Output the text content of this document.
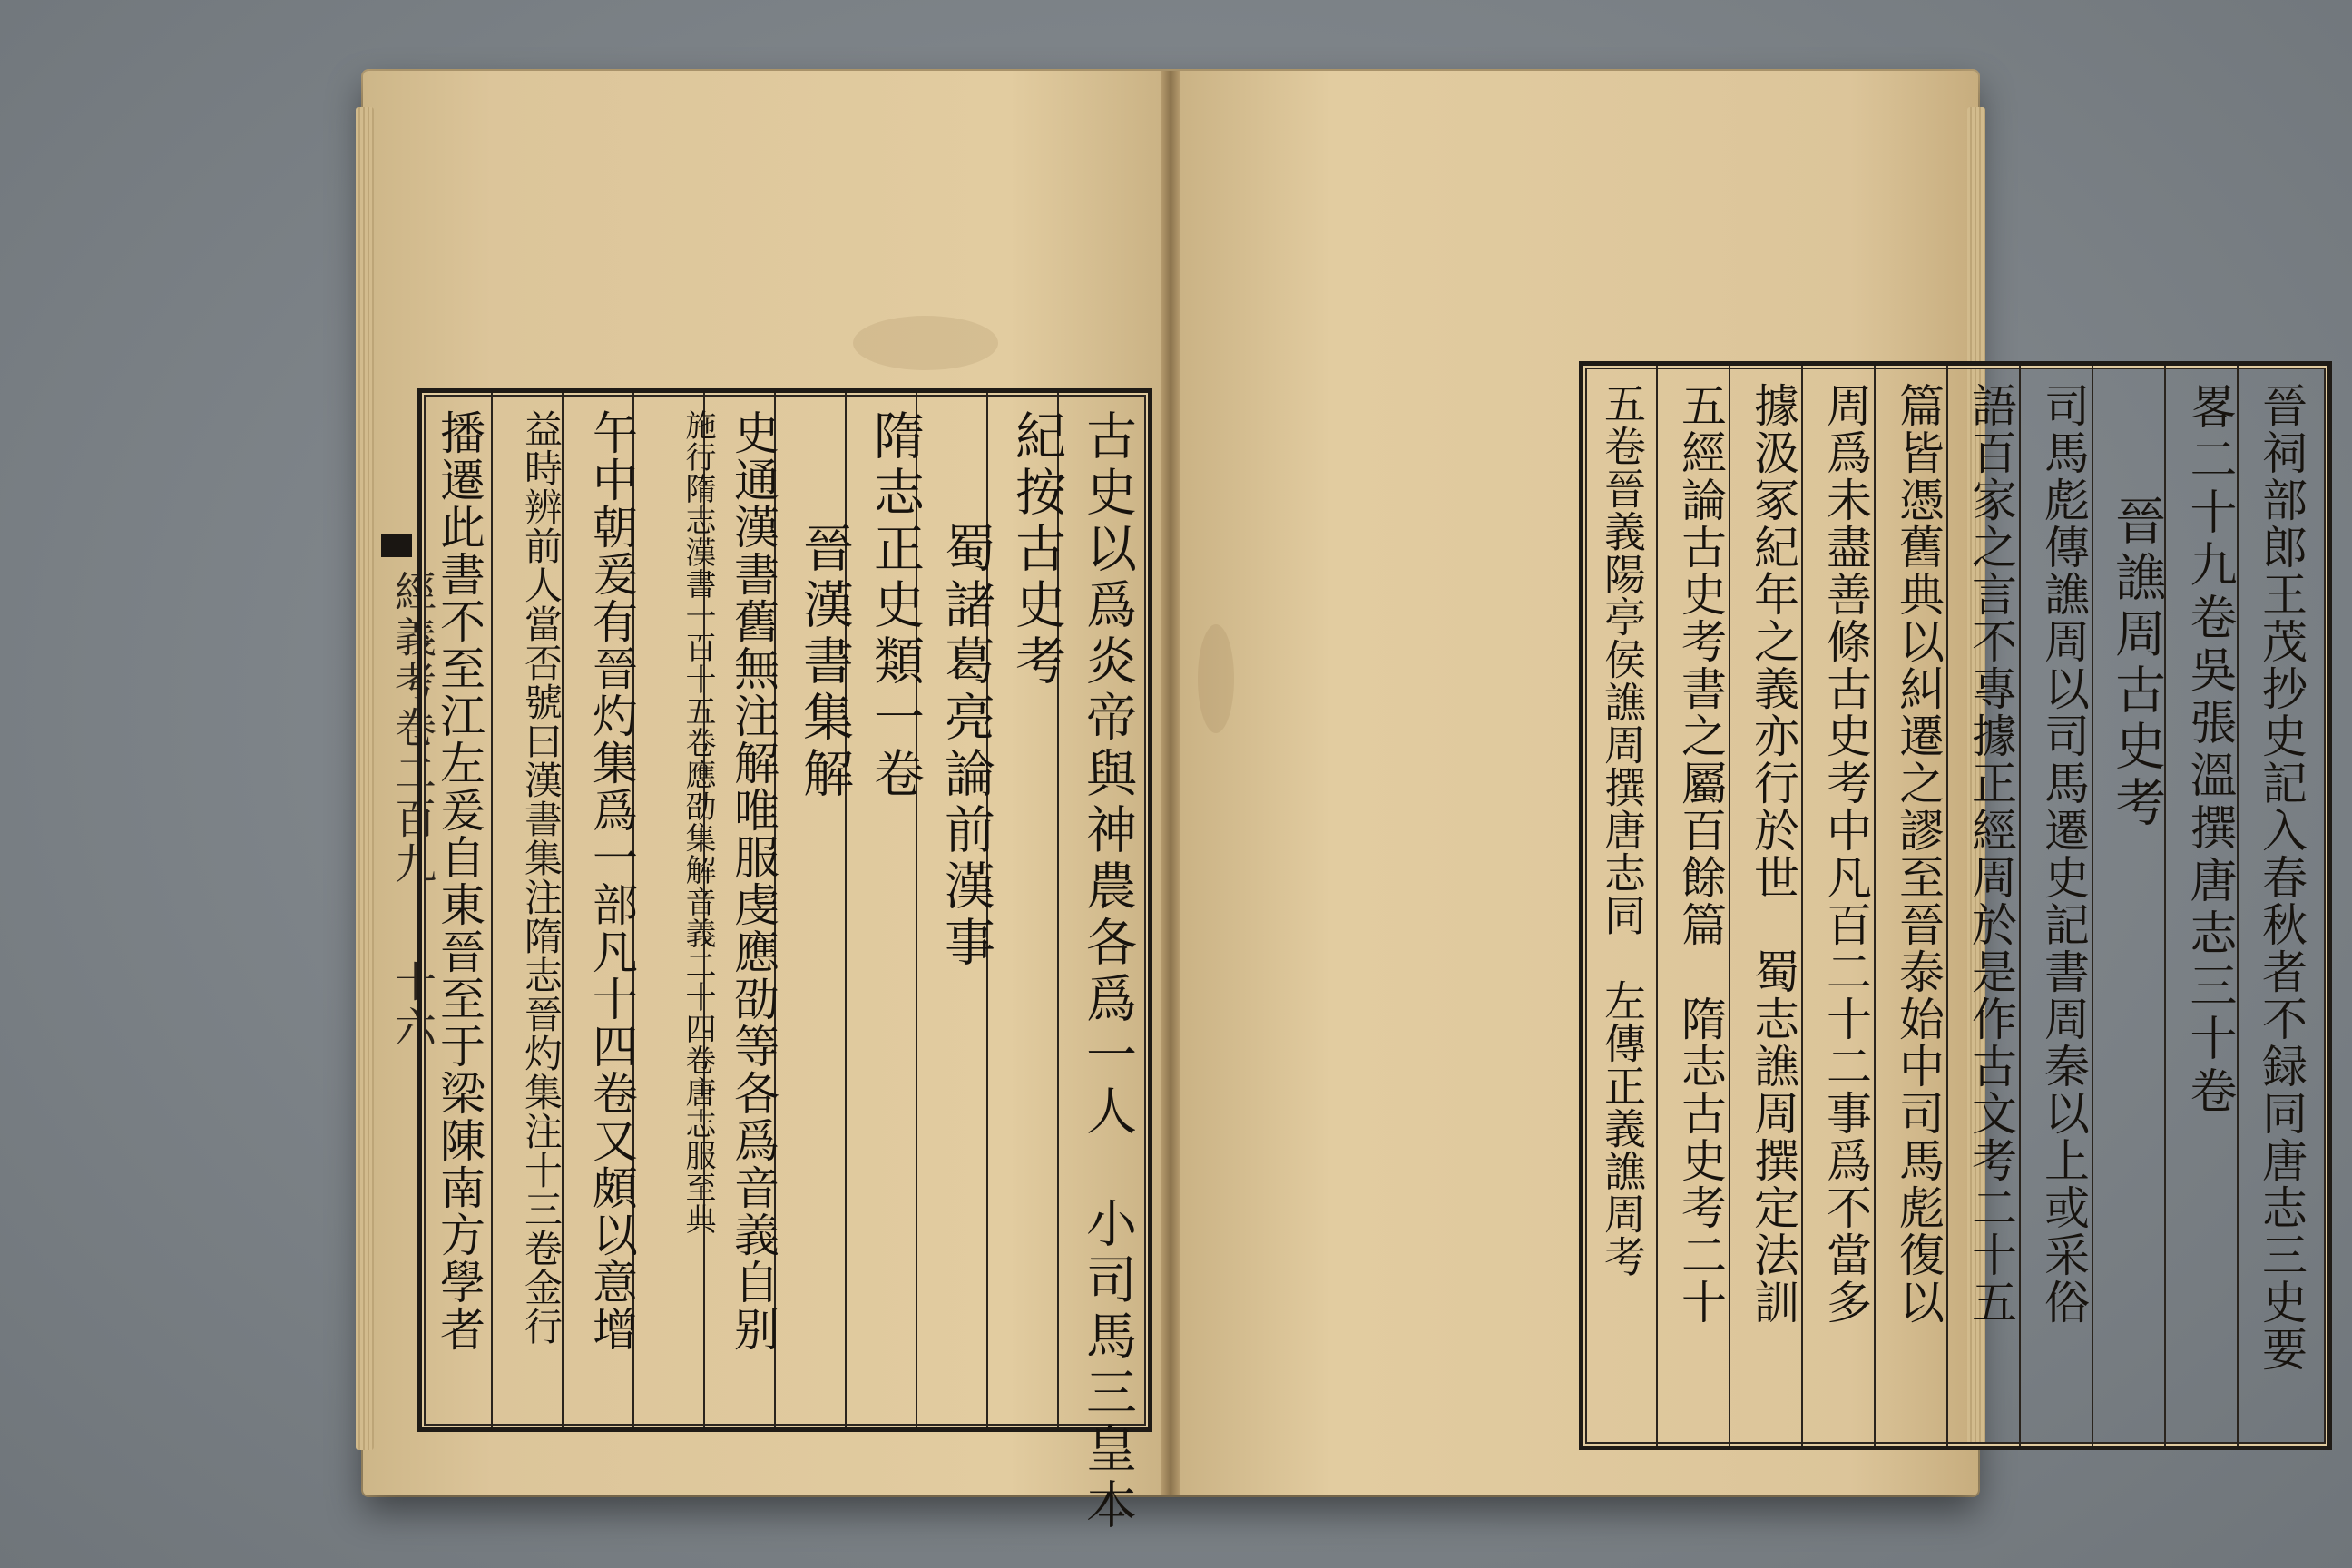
經義考卷二百九
十六	古史以爲炎帝與神農各爲一人　小司馬三皇本
紀按古史考
　　蜀諸葛亮論前漢事
隋志正史類一卷
　　晉漢書集解
史通漢書舊無注解唯服虔應劭等各爲音義自别
施行隋志漢書一百十五卷應劭集解音義二十四卷唐志服至典
午中朝爰有晉灼集爲一部凡十四卷又頗以意增
益時辨前人當否號曰漢書集注隋志晉灼集注十三卷金行
播遷此書不至江左爰自東晉至于梁陳南方學者	晉祠部郎王茂抄史記入春秋者不録同唐志三史要
畧二十九卷吳張溫撰唐志三十卷
　　晉譙周古史考
司馬彪傳譙周以司馬遷史記書周秦以上或采俗
語百家之言不專據正經周於是作古文考二十五
篇皆憑舊典以糾遷之謬至晉泰始中司馬彪復以
周爲未盡善條古史考中凡百二十二事爲不當多
據汲冢紀年之義亦行於世　蜀志譙周撰定法訓
五經論古史考書之屬百餘篇　隋志古史考二十
五卷晉義陽亭侯譙周撰唐志同　左傳正義譙周考
